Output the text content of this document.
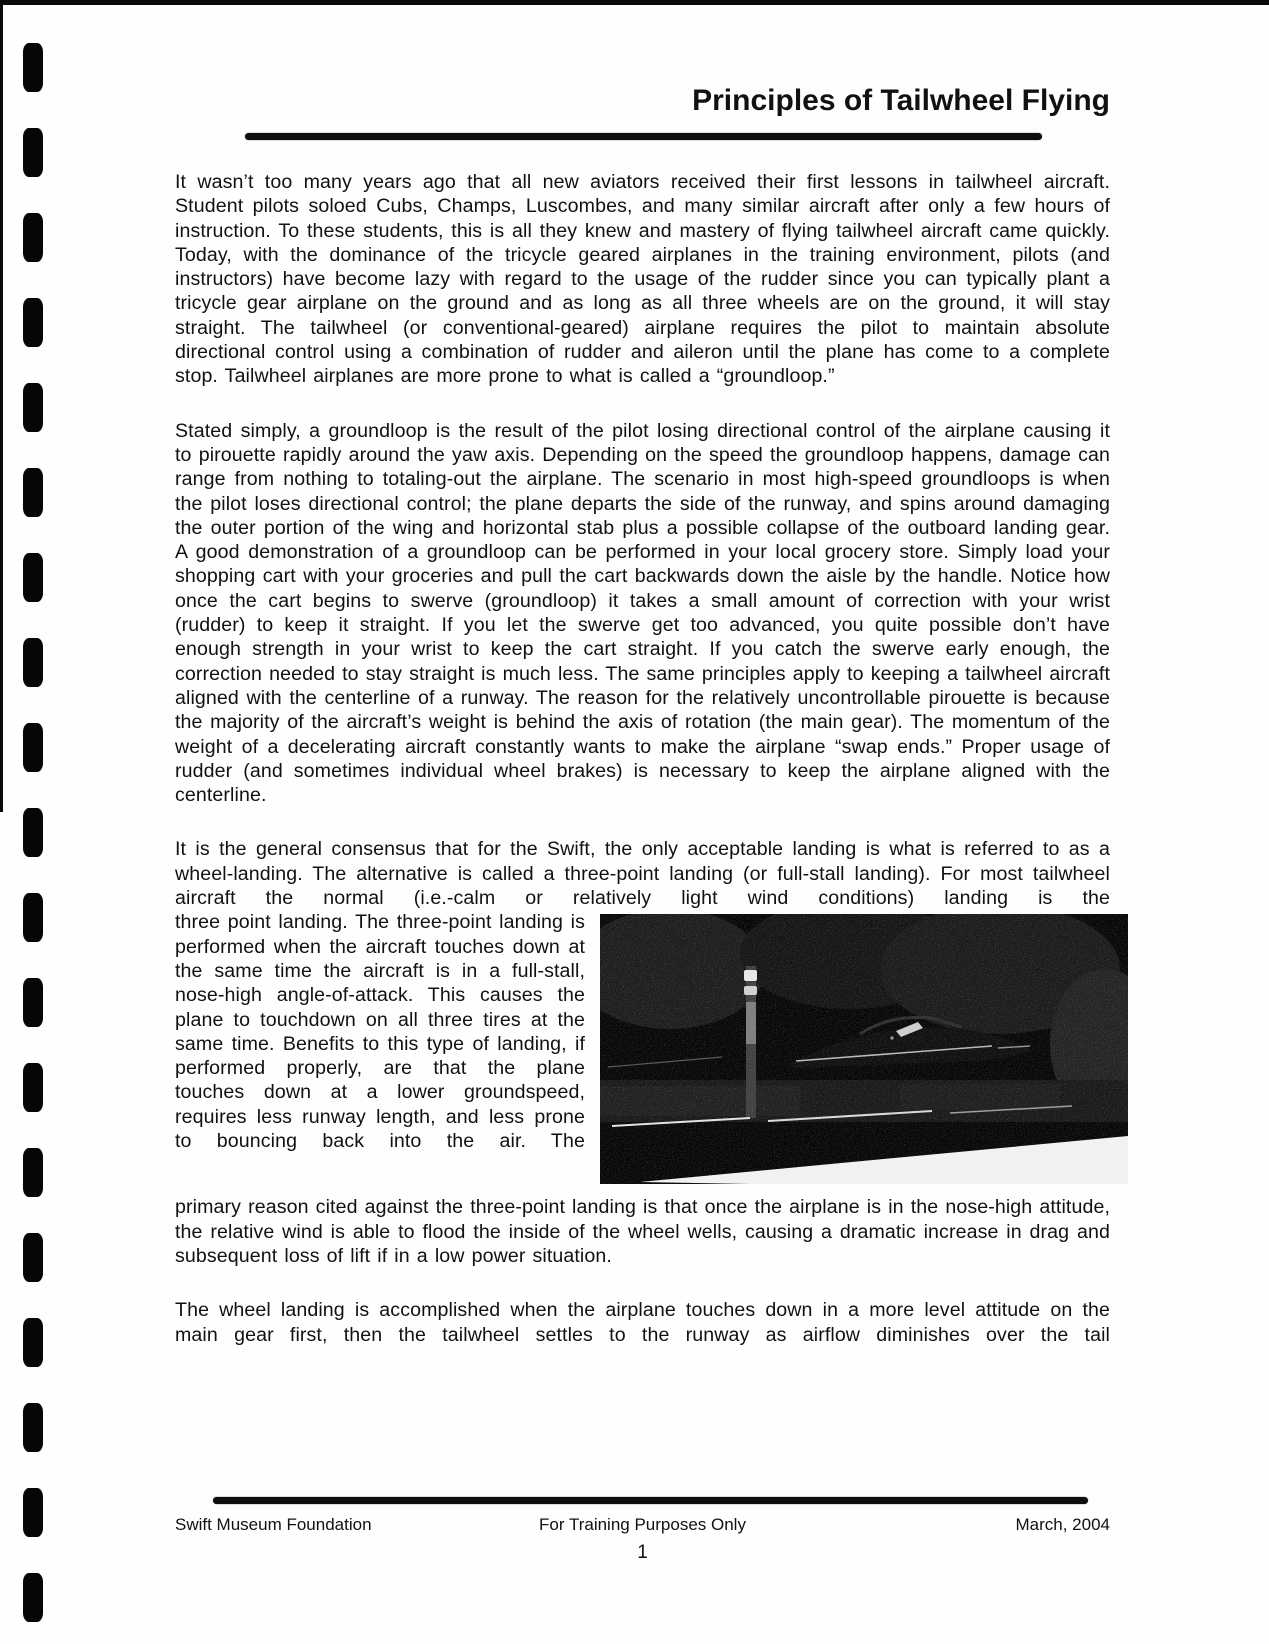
Principles of Tailwheel Flying

It wasn’t too many years ago that all new aviators received their first lessons in tailwheel aircraft. Student pilots soloed Cubs, Champs, Luscombes, and many similar aircraft after only a few hours of instruction. To these students, this is all they knew and mastery of flying tailwheel aircraft came quickly. Today, with the dominance of the tricycle geared airplanes in the training environment, pilots (and instructors) have become lazy with regard to the usage of the rudder since you can typically plant a tricycle gear airplane on the ground and as long as all three wheels are on the ground, it will stay straight. The tailwheel (or conventional-geared) airplane requires the pilot to maintain absolute directional control using a combination of rudder and aileron until the plane has come to a complete stop. Tailwheel airplanes are more prone to what is called a “groundloop.”

Stated simply, a groundloop is the result of the pilot losing directional control of the airplane causing it to pirouette rapidly around the yaw axis. Depending on the speed the groundloop happens, damage can range from nothing to totaling-out the airplane. The scenario in most high-speed groundloops is when the pilot loses directional control; the plane departs the side of the runway, and spins around damaging the outer portion of the wing and horizontal stab plus a possible collapse of the outboard landing gear. A good demonstration of a groundloop can be performed in your local grocery store. Simply load your shopping cart with your groceries and pull the cart backwards down the aisle by the handle. Notice how once the cart begins to swerve (groundloop) it takes a small amount of correction with your wrist (rudder) to keep it straight. If you let the swerve get too advanced, you quite possible don’t have enough strength in your wrist to keep the cart straight. If you catch the swerve early enough, the correction needed to stay straight is much less. The same principles apply to keeping a tailwheel aircraft aligned with the centerline of a runway. The reason for the relatively uncontrollable pirouette is because the majority of the aircraft’s weight is behind the axis of rotation (the main gear). The momentum of the weight of a decelerating aircraft constantly wants to make the airplane “swap ends.” Proper usage of rudder (and sometimes individual wheel brakes) is necessary to keep the airplane aligned with the centerline.

It is the general consensus that for the Swift, the only acceptable landing is what is referred to as a wheel-landing. The alternative is called a three-point landing (or full-stall landing). For most tailwheel aircraft the normal (i.e.-calm or relatively light wind conditions) landing is the

three point landing. The three-point landing is performed when the aircraft touches down at the same time the aircraft is in a full-stall, nose-high angle-of-attack. This causes the plane to touchdown on all three tires at the same time. Benefits to this type of landing, if performed properly, are that the plane touches down at a lower groundspeed, requires less runway length, and less prone to bouncing back into the air. The

primary reason cited against the three-point landing is that once the airplane is in the nose-high attitude, the relative wind is able to flood the inside of the wheel wells, causing a dramatic increase in drag and subsequent loss of lift if in a low power situation.

The wheel landing is accomplished when the airplane touches down in a more level attitude on the main gear first, then the tailwheel settles to the runway as airflow diminishes over the tail

Swift Museum Foundation	For Training Purposes Only	March, 2004
1
